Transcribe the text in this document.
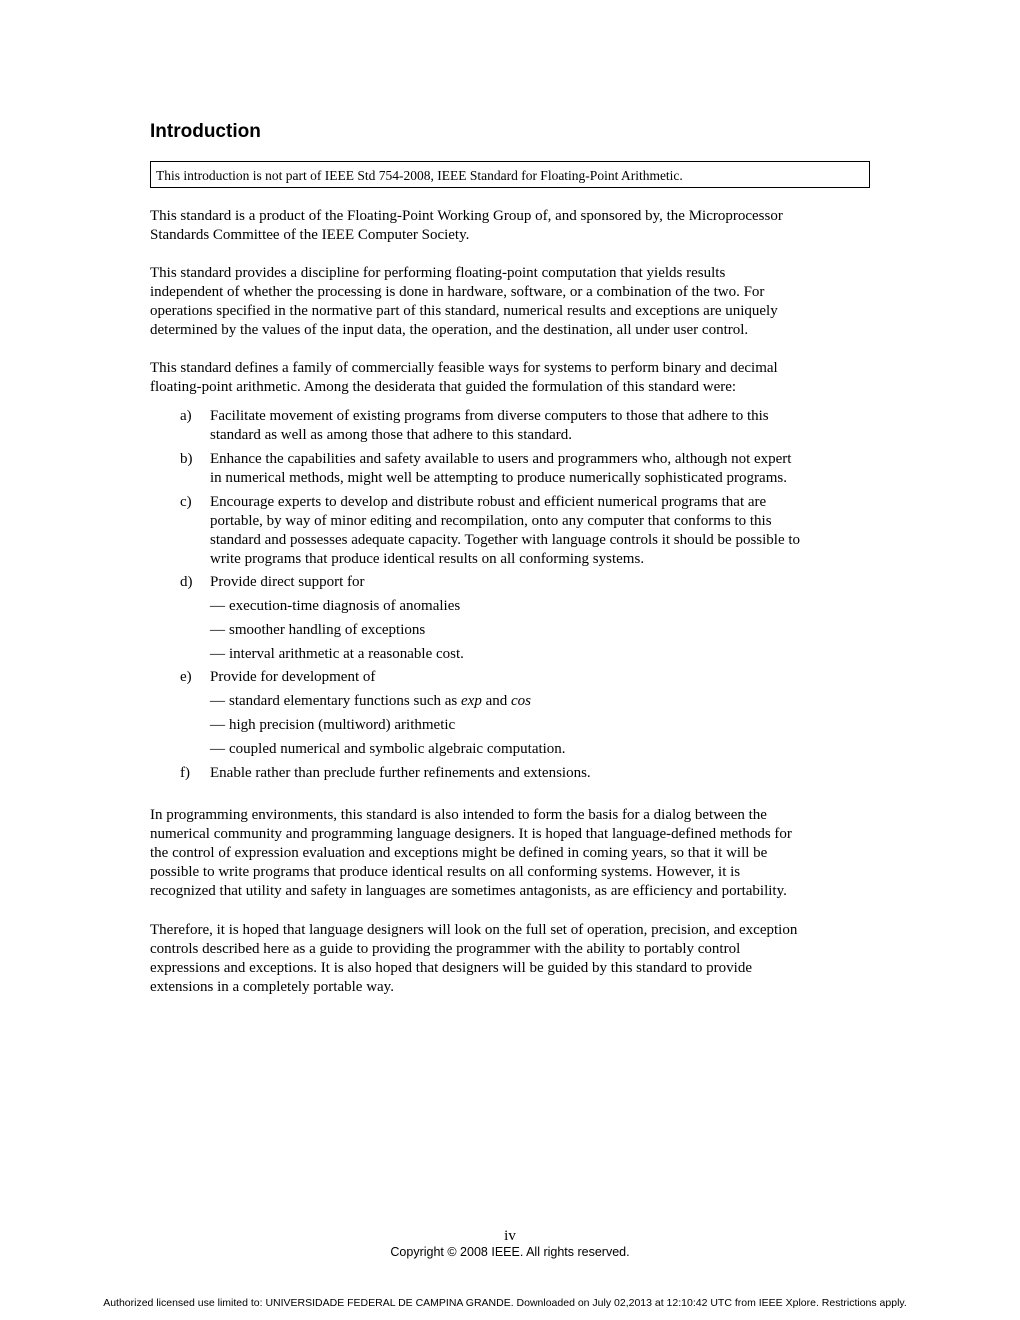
Introduction
This introduction is not part of IEEE Std 754-2008, IEEE Standard for Floating-Point Arithmetic.

This standard is a product of the Floating-Point Working Group of, and sponsored by, the Microprocessor
Standards Committee of the IEEE Computer Society.

This standard provides a discipline for performing floating-point computation that yields results

independent of whether the processing is done in hardware, software, or a combination of the two. For
operations specified in the normative part of this standard, numerical results and exceptions are uniquely
determined by the values of the input data, the operation, and the destination, all under user control.

This standard defines a family of commercially feasible ways for systems to perform binary and decimal
floating-point arithmetic. Among the desiderata that guided the formulation of this standard were:

a) Facilitate movement of existing programs from diverse computers to those that adhere to this
standard as well as among those that adhere to this standard.
b) Enhance the capabilities and safety available to users and programmers who, although not expert
in numerical methods, might well be attempting to produce numerically sophisticated programs.
c) Encourage experts to develop and distribute robust and efficient numerical programs that are
portable, by way of minor editing and recompilation, onto any computer that conforms to this
standard and possesses adequate capacity. Together with language controls it should be possible to
write programs that produce identical results on all conforming systems.
d) Provide direct support for
— execution-time diagnosis of anomalies
— smoother handling of exceptions
— interval arithmetic at a reasonable cost.
e) Provide for development of
— standard elementary functions such as exp and cos
— high precision (multiword) arithmetic
— coupled numerical and symbolic algebraic computation.
f) Enable rather than preclude further refinements and extensions.

In programming environments, this standard is also intended to form the basis for a dialog between the
numerical community and programming language designers. It is hoped that language-defined methods for
the control of expression evaluation and exceptions might be defined in coming years, so that it will be

possible to write programs that produce identical results on all conforming systems. However, it is

recognized that utility and safety in languages are sometimes antagonists, as are efficiency and portability.

Therefore, it is hoped that language designers will look on the full set of operation, precision, and exception

controls described here as a guide to providing the programmer with the ability to portably control

expressions and exceptions. It is also hoped that designers will be guided by this standard to provide
extensions in a completely portable way.

iv
Copyright © 2008 IEEE. All rights reserved.
Authorized licensed use limited to: UNIVERSIDADE FEDERAL DE CAMPINA GRANDE. Downloaded on July 02,2013 at 12:10:42 UTC from IEEE Xplore. Restrictions apply.
